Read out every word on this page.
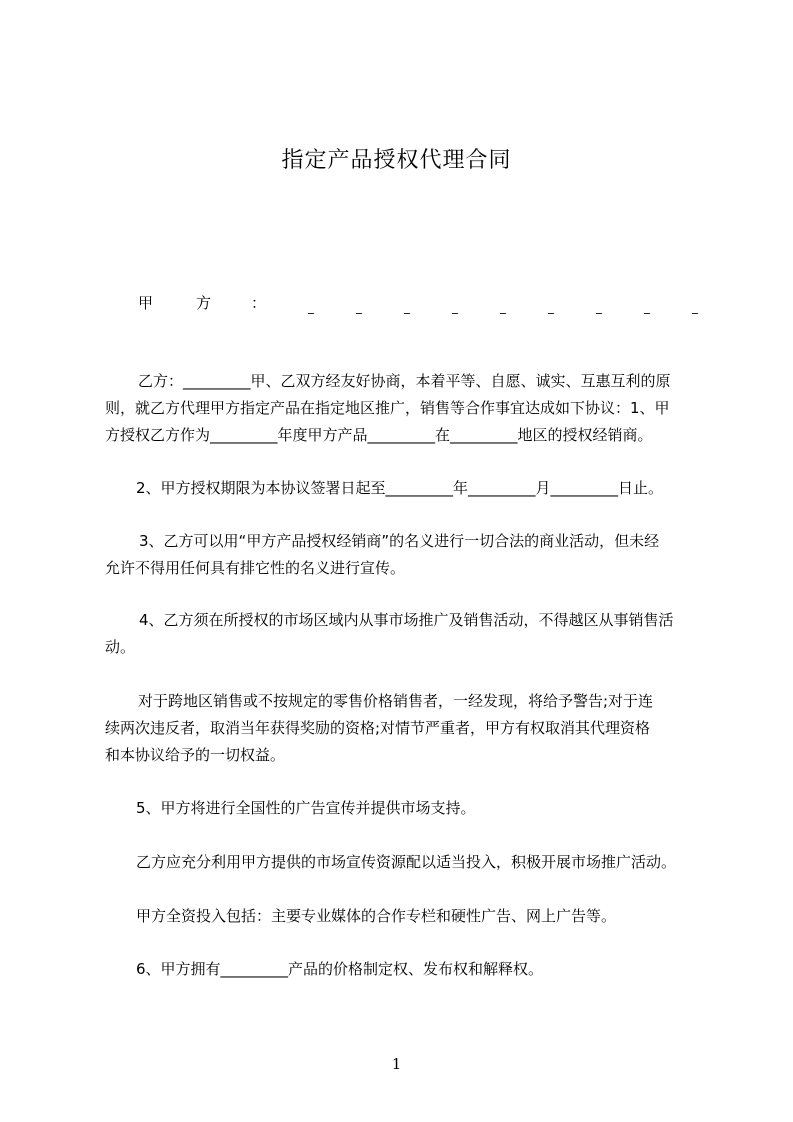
指定产品授权代理合同
甲	方	：	_	_	_	_	_	_	_	_	_
乙方：_________甲、乙双方经友好协商，本着平等、自愿、诚实、互惠互利的原
则，就乙方代理甲方指定产品在指定地区推广，销售等合作事宜达成如下协议：1、甲
方授权乙方作为_________年度甲方产品_________在_________地区的授权经销商。
2、甲方授权期限为本协议签署日起至_________年_________月_________日止。
3、乙方可以用“甲方产品授权经销商”的名义进行一切合法的商业活动，但未经
允许不得用任何具有排它性的名义进行宣传。
4、乙方须在所授权的市场区域内从事市场推广及销售活动，不得越区从事销售活
动。
对于跨地区销售或不按规定的零售价格销售者，一经发现，将给予警告;对于连
续两次违反者，取消当年获得奖励的资格;对情节严重者，甲方有权取消其代理资格
和本协议给予的一切权益。
5、甲方将进行全国性的广告宣传并提供市场支持。
乙方应充分利用甲方提供的市场宣传资源配以适当投入，积极开展市场推广活动。
甲方全资投入包括：主要专业媒体的合作专栏和硬性广告、网上广告等。
6、甲方拥有_________产品的价格制定权、发布权和解释权。
1
